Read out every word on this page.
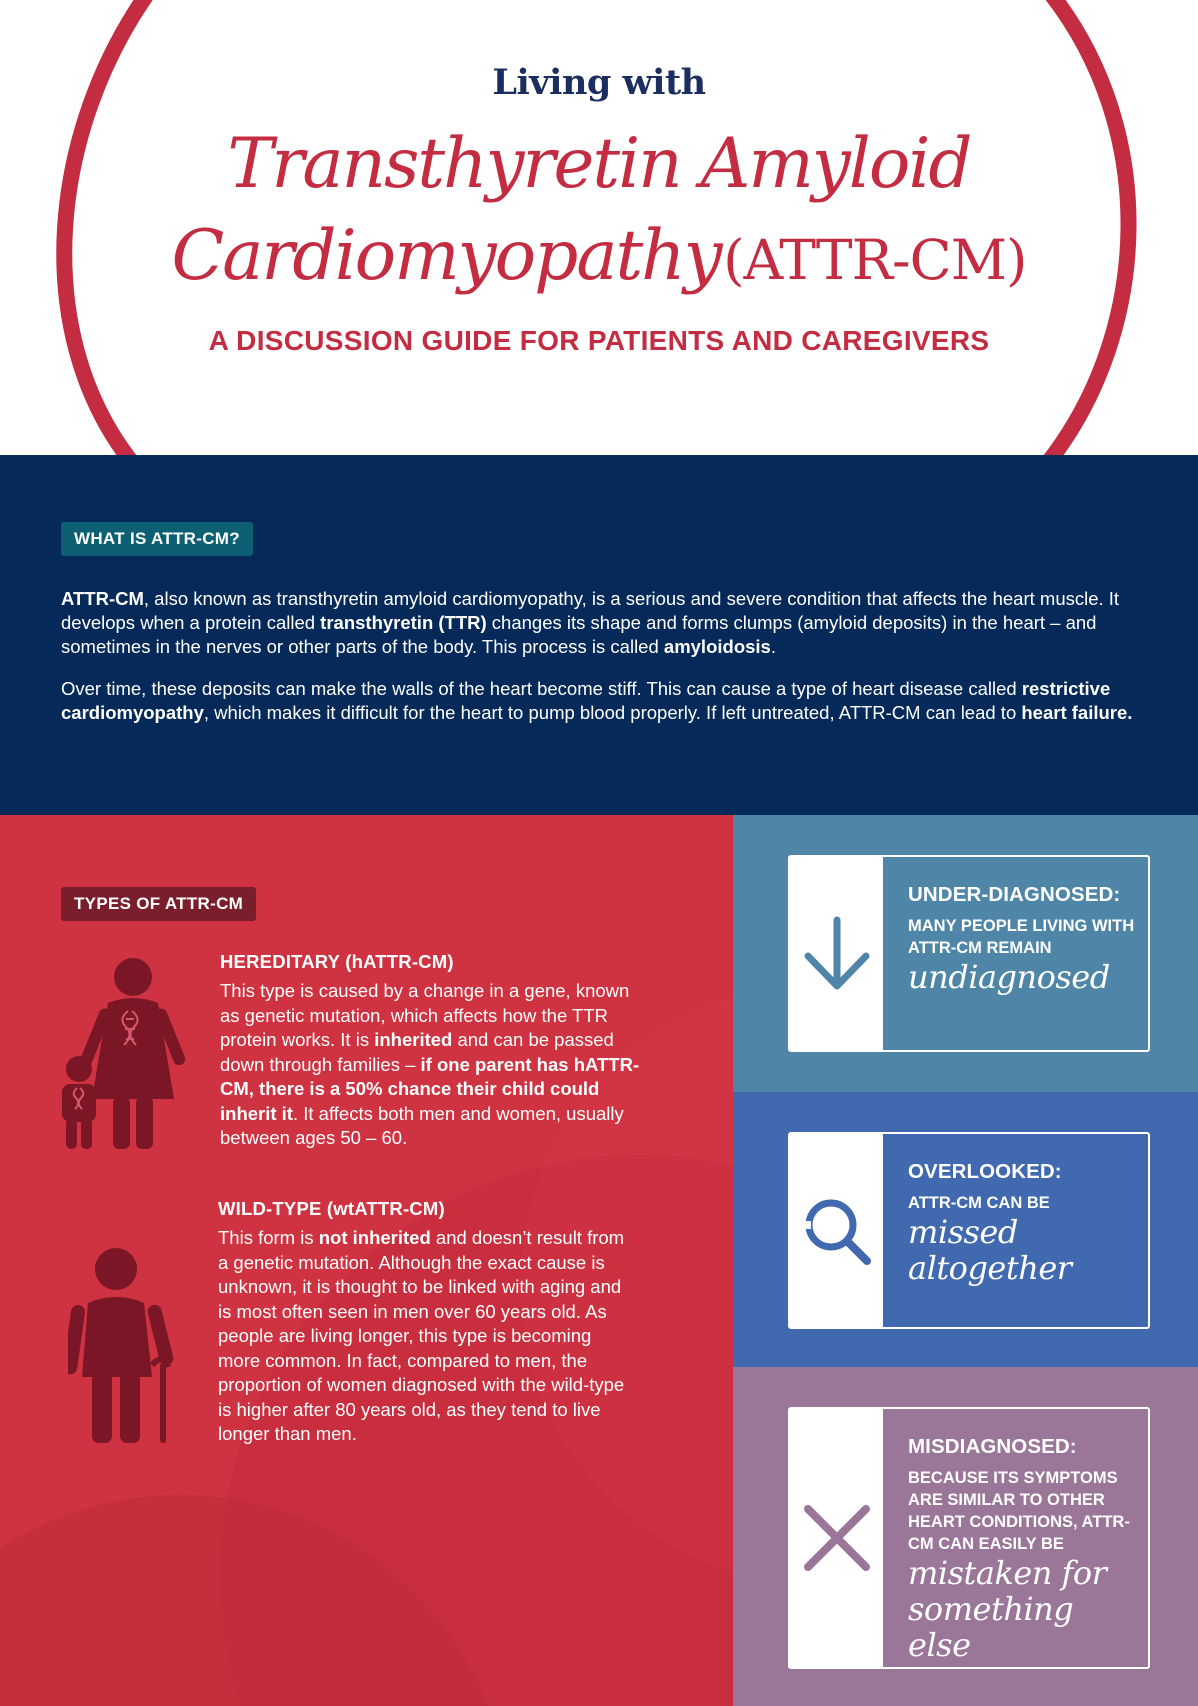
Living with
Transthyretin Amyloid
Cardiomyopathy (ATTR-CM)
A DISCUSSION GUIDE FOR PATIENTS AND CAREGIVERS
WHAT IS ATTR-CM?

ATTR-CM, also known as transthyretin amyloid cardiomyopathy, is a serious and severe condition that affects the heart muscle. It develops when a protein called transthyretin (TTR) changes its shape and forms clumps (amyloid deposits) in the heart – and sometimes in the nerves or other parts of the body. This process is called amyloidosis.

Over time, these deposits can make the walls of the heart become stiff. This can cause a type of heart disease called restrictive cardiomyopathy, which makes it difficult for the heart to pump blood properly. If left untreated, ATTR-CM can lead to heart failure.

TYPES OF ATTR-CM
HEREDITARY (hATTR-CM)
This type is caused by a change in a gene, known as genetic mutation, which affects how the TTR protein works. It is inherited and can be passed down through families – if one parent has hATTR-CM, there is a 50% chance their child could inherit it. It affects both men and women, usually between ages 50 – 60.
WILD-TYPE (wtATTR-CM)
This form is not inherited and doesn’t result from a genetic mutation. Although the exact cause is unknown, it is thought to be linked with aging and is most often seen in men over 60 years old. As people are living longer, this type is becoming more common. In fact, compared to men, the proportion of women diagnosed with the wild-type is higher after 80 years old, as they tend to live longer than men.
UNDER-DIAGNOSED:
MANY PEOPLE LIVING WITH ATTR-CM REMAIN
undiagnosed
OVERLOOKED:
ATTR-CM CAN BE
missed altogether
MISDIAGNOSED:
BECAUSE ITS SYMPTOMS ARE SIMILAR TO OTHER HEART CONDITIONS, ATTR-CM CAN EASILY BE
mistaken for something else
